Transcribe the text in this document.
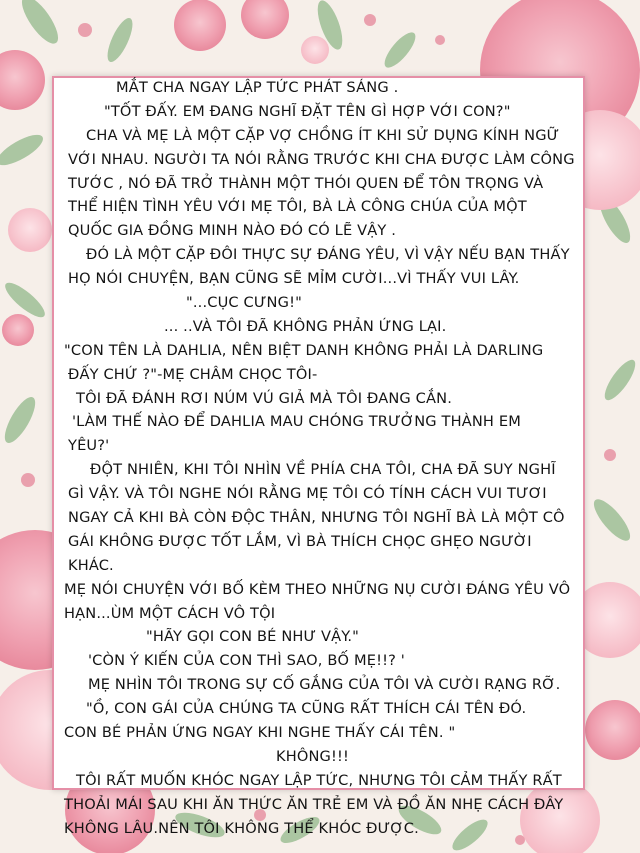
MẮT CHA NGAY LẬP TỨC PHÁT SÁNG .
"TỐT ĐẤY. EM ĐANG NGHĨ ĐẶT TÊN GÌ HỢP VỚI CON?"
CHA VÀ MẸ LÀ MỘT CẶP VỢ CHỒNG ÍT KHI SỬ DỤNG KÍNH NGỮ
VỚI NHAU. NGƯỜI TA NÓI RẰNG TRƯỚC KHI CHA ĐƯỢC LÀM CÔNG
TƯỚC , NÓ ĐÃ TRỞ THÀNH MỘT THÓI QUEN ĐỂ TÔN TRỌNG VÀ
THỂ HIỆN TÌNH YÊU VỚI MẸ TÔI, BÀ LÀ CÔNG CHÚA CỦA MỘT
QUỐC GIA ĐỒNG MINH NÀO ĐÓ CÓ LẼ VẬY .
ĐÓ LÀ MỘT CẶP ĐÔI THỰC SỰ ĐÁNG YÊU, VÌ VẬY NẾU BẠN THẤY
HỌ NÓI CHUYỆN, BẠN CŨNG SẼ MỈM CƯỜI...VÌ THẤY VUI LÂY.
"...CỤC CƯNG!"
... ..VÀ TÔI ĐÃ KHÔNG PHẢN ỨNG LẠI.
"CON TÊN LÀ DAHLIA, NÊN BIỆT DANH KHÔNG PHẢI LÀ DARLING
ĐẤY CHỨ ?"-MẸ CHÂM CHỌC TÔI-
TÔI ĐÃ ĐÁNH RƠI NÚM VÚ GIẢ MÀ TÔI ĐANG CẮN.
'LÀM THẾ NÀO ĐỂ DAHLIA MAU CHÓNG TRƯỞNG THÀNH EM
YÊU?'
ĐỘT NHIÊN, KHI TÔI NHÌN VỀ PHÍA CHA TÔI, CHA ĐÃ SUY NGHĨ
GÌ VẬY. VÀ TÔI NGHE NÓI RẰNG MẸ TÔI CÓ TÍNH CÁCH VUI TƯƠI
NGAY CẢ KHI BÀ CÒN ĐỘC THÂN, NHƯNG TÔI NGHĨ BÀ LÀ MỘT CÔ
GÁI KHÔNG ĐƯỢC TỐT LẮM, VÌ BÀ THÍCH CHỌC GHẸO NGƯỜI
KHÁC.
MẸ NÓI CHUYỆN VỚI BỐ KÈM THEO NHỮNG NỤ CƯỜI ĐÁNG YÊU VÔ
HẠN...ÙM MỘT CÁCH VÔ TỘI
"HÃY GỌI CON BÉ NHƯ VẬY."
'CÒN Ý KIẾN CỦA CON THÌ SAO, BỐ MẸ!!? '
MẸ NHÌN TÔI TRONG SỰ CỐ GẮNG CỦA TÔI VÀ CƯỜI RẠNG RỠ.
"Ồ, CON GÁI CỦA CHÚNG TA CŨNG RẤT THÍCH CÁI TÊN ĐÓ.
CON BÉ PHẢN ỨNG NGAY KHI NGHE THẤY CÁI TÊN. "
KHÔNG!!!
TÔI RẤT MUỐN KHÓC NGAY LẬP TỨC, NHƯNG TÔI CẢM THẤY RẤT
THOẢI MÁI SAU KHI ĂN THỨC ĂN TRẺ EM VÀ ĐỒ ĂN NHẸ CÁCH ĐÂY
KHÔNG LÂU.NÊN TÔI KHÔNG THỂ KHÓC ĐƯỢC.
